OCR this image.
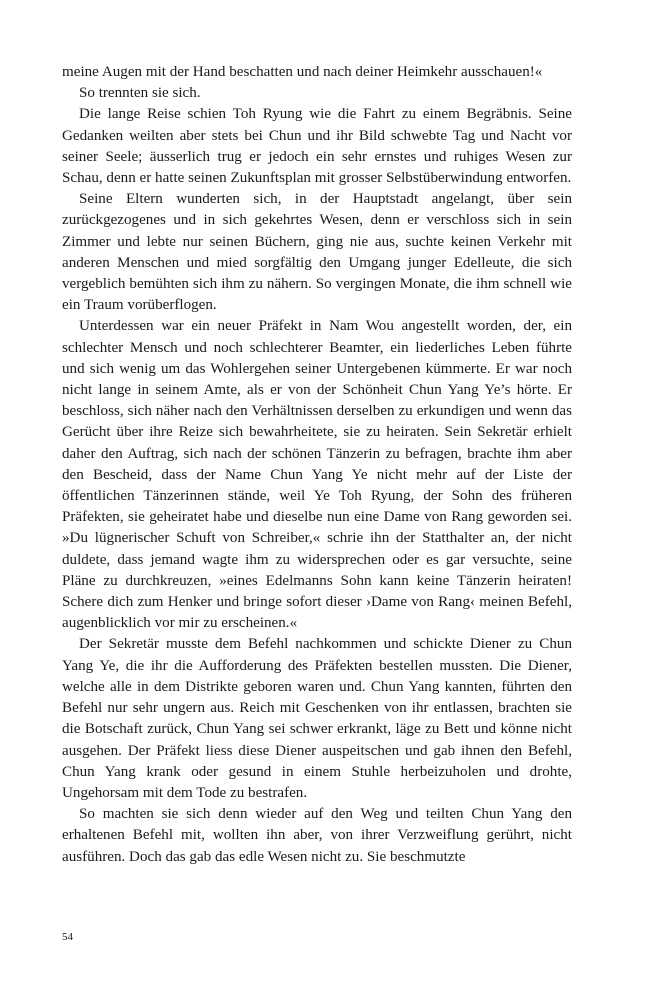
meine Augen mit der Hand beschatten und nach deiner Heimkehr ausschauen!«

So trennten sie sich.

Die lange Reise schien Toh Ryung wie die Fahrt zu einem Begräbnis. Seine Gedanken weilten aber stets bei Chun und ihr Bild schwebte Tag und Nacht vor seiner Seele; äusserlich trug er jedoch ein sehr ernstes und ruhiges Wesen zur Schau, denn er hatte seinen Zukunftsplan mit grosser Selbstüberwindung entworfen.

Seine Eltern wunderten sich, in der Hauptstadt angelangt, über sein zurückgezogenes und in sich gekehrtes Wesen, denn er verschloss sich in sein Zimmer und lebte nur seinen Büchern, ging nie aus, suchte keinen Verkehr mit anderen Menschen und mied sorgfältig den Umgang junger Edelleute, die sich vergeblich bemühten sich ihm zu nähern. So vergingen Monate, die ihm schnell wie ein Traum vorüberflogen.

Unterdessen war ein neuer Präfekt in Nam Wou angestellt worden, der, ein schlechter Mensch und noch schlechterer Beamter, ein liederliches Leben führte und sich wenig um das Wohlergehen seiner Untergebenen kümmerte. Er war noch nicht lange in seinem Amte, als er von der Schönheit Chun Yang Ye’s hörte. Er beschloss, sich näher nach den Verhältnissen derselben zu erkundigen und wenn das Gerücht über ihre Reize sich bewahrheitete, sie zu heiraten. Sein Sekretär erhielt daher den Auftrag, sich nach der schönen Tänzerin zu befragen, brachte ihm aber den Bescheid, dass der Name Chun Yang Ye nicht mehr auf der Liste der öffentlichen Tänzerinnen stände, weil Ye Toh Ryung, der Sohn des früheren Präfekten, sie geheiratet habe und dieselbe nun eine Dame von Rang geworden sei. »Du lügnerischer Schuft von Schreiber,« schrie ihn der Statthalter an, der nicht duldete, dass jemand wagte ihm zu widersprechen oder es gar versuchte, seine Pläne zu durchkreuzen, »eines Edelmanns Sohn kann keine Tänzerin heiraten! Schere dich zum Henker und bringe sofort dieser ›Dame von Rang‹ meinen Befehl, augenblicklich vor mir zu erscheinen.«

Der Sekretär musste dem Befehl nachkommen und schickte Diener zu Chun Yang Ye, die ihr die Aufforderung des Präfekten bestellen mussten. Die Diener, welche alle in dem Distrikte geboren waren und. Chun Yang kannten, führten den Befehl nur sehr ungern aus. Reich mit Geschenken von ihr entlassen, brachten sie die Botschaft zurück, Chun Yang sei schwer erkrankt, läge zu Bett und könne nicht ausgehen. Der Präfekt liess diese Diener auspeitschen und gab ihnen den Befehl, Chun Yang krank oder gesund in einem Stuhle herbeizuholen und drohte, Ungehorsam mit dem Tode zu bestrafen.

So machten sie sich denn wieder auf den Weg und teilten Chun Yang den erhaltenen Befehl mit, wollten ihn aber, von ihrer Verzweiflung gerührt, nicht ausführen. Doch das gab das edle Wesen nicht zu. Sie beschmutzte

54
